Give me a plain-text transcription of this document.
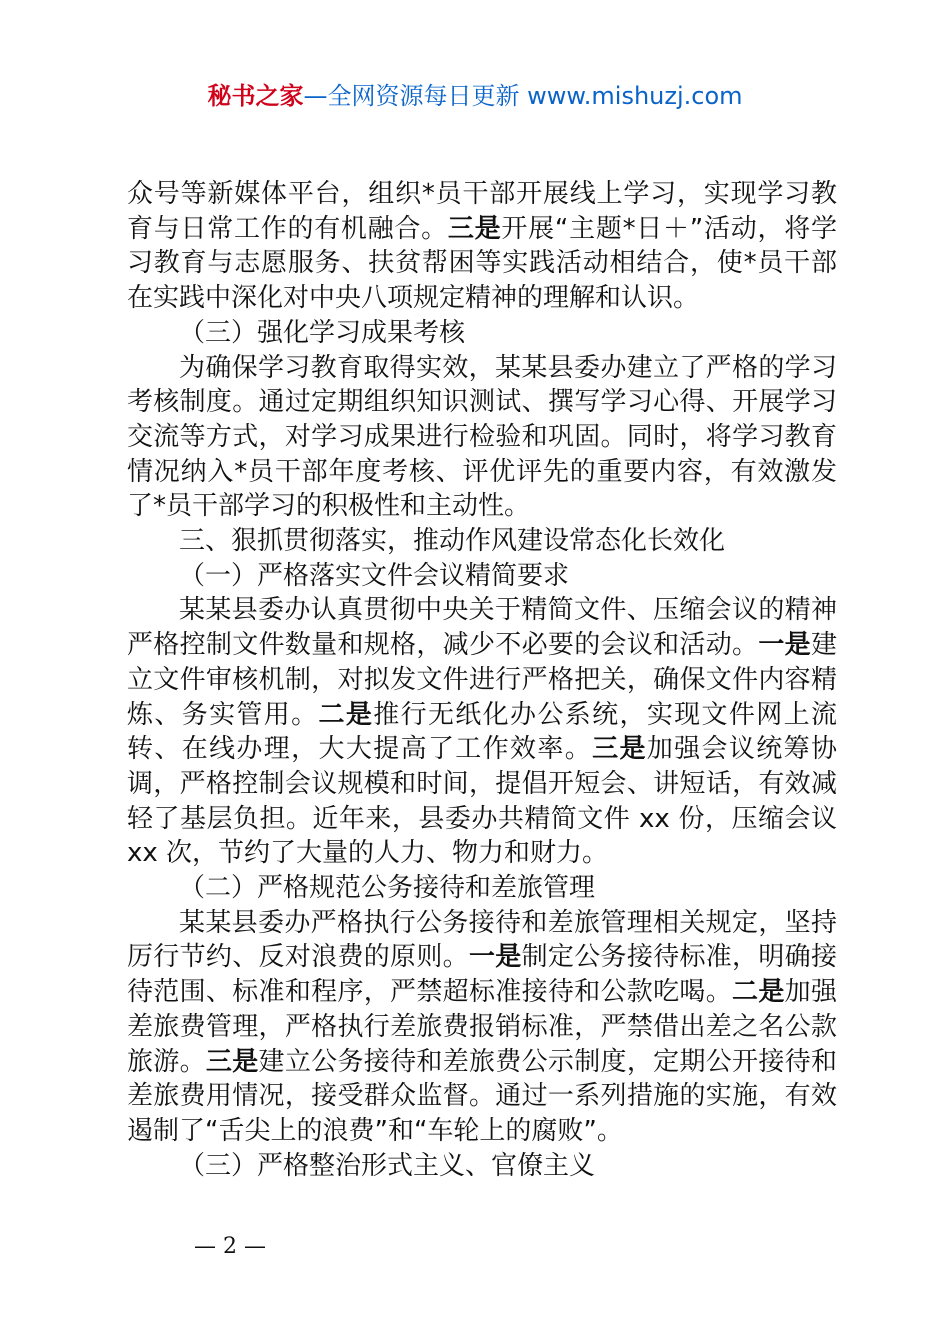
秘书之家—全网资源每日更新 www.mishuzj.com

众号等新媒体平台，组织*员干部开展线上学习，实现学习教育与日常工作的有机融合。三是开展“主题*日＋”活动，将学习教育与志愿服务、扶贫帮困等实践活动相结合，使*员干部在实践中深化对中央八项规定精神的理解和认识。

（三）强化学习成果考核

为确保学习教育取得实效，某某县委办建立了严格的学习考核制度。通过定期组织知识测试、撰写学习心得、开展学习交流等方式，对学习成果进行检验和巩固。同时，将学习教育情况纳入*员干部年度考核、评优评先的重要内容，有效激发了*员干部学习的积极性和主动性。

三、狠抓贯彻落实，推动作风建设常态化长效化

（一）严格落实文件会议精简要求

某某县委办认真贯彻中央关于精简文件、压缩会议的精神严格控制文件数量和规格，减少不必要的会议和活动。一是建立文件审核机制，对拟发文件进行严格把关，确保文件内容精炼、务实管用。二是推行无纸化办公系统，实现文件网上流转、在线办理，大大提高了工作效率。三是加强会议统筹协调，严格控制会议规模和时间，提倡开短会、讲短话，有效减轻了基层负担。近年来，县委办共精简文件 xx 份，压缩会议 xx 次，节约了大量的人力、物力和财力。

（二）严格规范公务接待和差旅管理

某某县委办严格执行公务接待和差旅管理相关规定，坚持厉行节约、反对浪费的原则。一是制定公务接待标准，明确接待范围、标准和程序，严禁超标准接待和公款吃喝。二是加强差旅费管理，严格执行差旅费报销标准，严禁借出差之名公款旅游。三是建立公务接待和差旅费公示制度，定期公开接待和差旅费用情况，接受群众监督。通过一系列措施的实施，有效遏制了“舌尖上的浪费”和“车轮上的腐败”。

（三）严格整治形式主义、官僚主义

— 2 —
